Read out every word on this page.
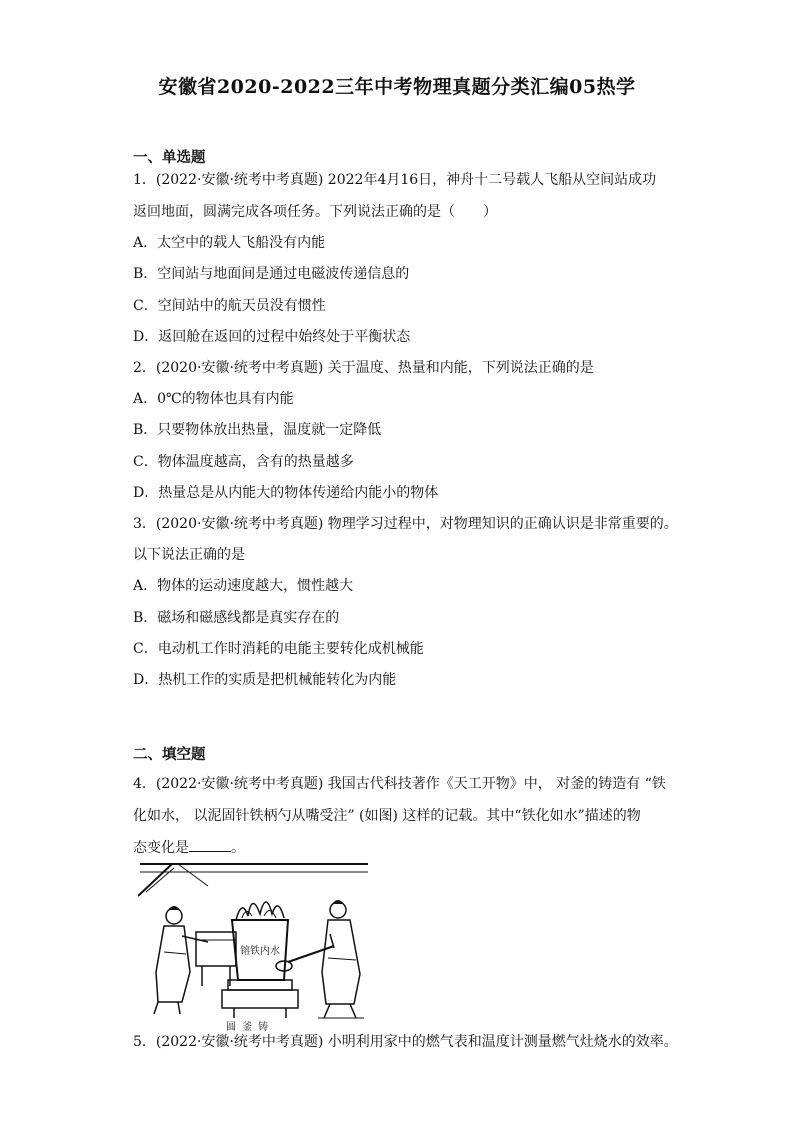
安徽省2020-2022三年中考物理真题分类汇编05热学
一、单选题
1．(2022·安徽·统考中考真题) 2022年4月16日，神舟十二号载人飞船从空间站成功
返回地面，圆满完成各项任务。下列说法正确的是（　　）
A．太空中的载人飞船没有内能
B．空间站与地面间是通过电磁波传递信息的
C．空间站中的航天员没有惯性
D．返回舱在返回的过程中始终处于平衡状态
2．(2020·安徽·统考中考真题) 关于温度、热量和内能，下列说法正确的是
A．0℃的物体也具有内能
B．只要物体放出热量，温度就一定降低
C．物体温度越高，含有的热量越多
D．热量总是从内能大的物体传递给内能小的物体
3．(2020·安徽·统考中考真题) 物理学习过程中，对物理知识的正确认识是非常重要的。
以下说法正确的是
A．物体的运动速度越大，惯性越大
B．磁场和磁感线都是真实存在的
C．电动机工作时消耗的电能主要转化成机械能
D．热机工作的实质是把机械能转化为内能
二、填空题
4．(2022·安徽·统考中考真题) 我国古代科技著作《天工开物》中， 对釜的铸造有 “铁
化如水， 以泥固针铁柄勺从嘴受注” (如图) 这样的记载。其中“铁化如水”描述的物
态变化是	。
镕铁内水
圆釜铸
5．(2022·安徽·统考中考真题) 小明利用家中的燃气表和温度计测量燃气灶烧水的效率。
